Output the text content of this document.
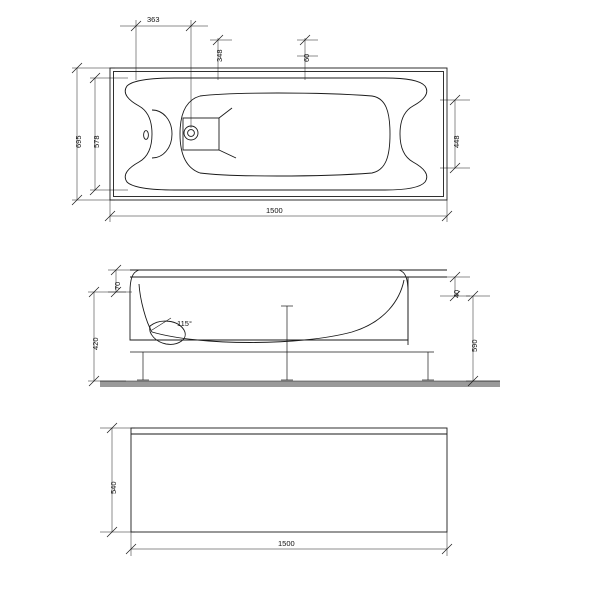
363
348	60
695 578	448
1500
70
420
40
590
115°
540
1500
